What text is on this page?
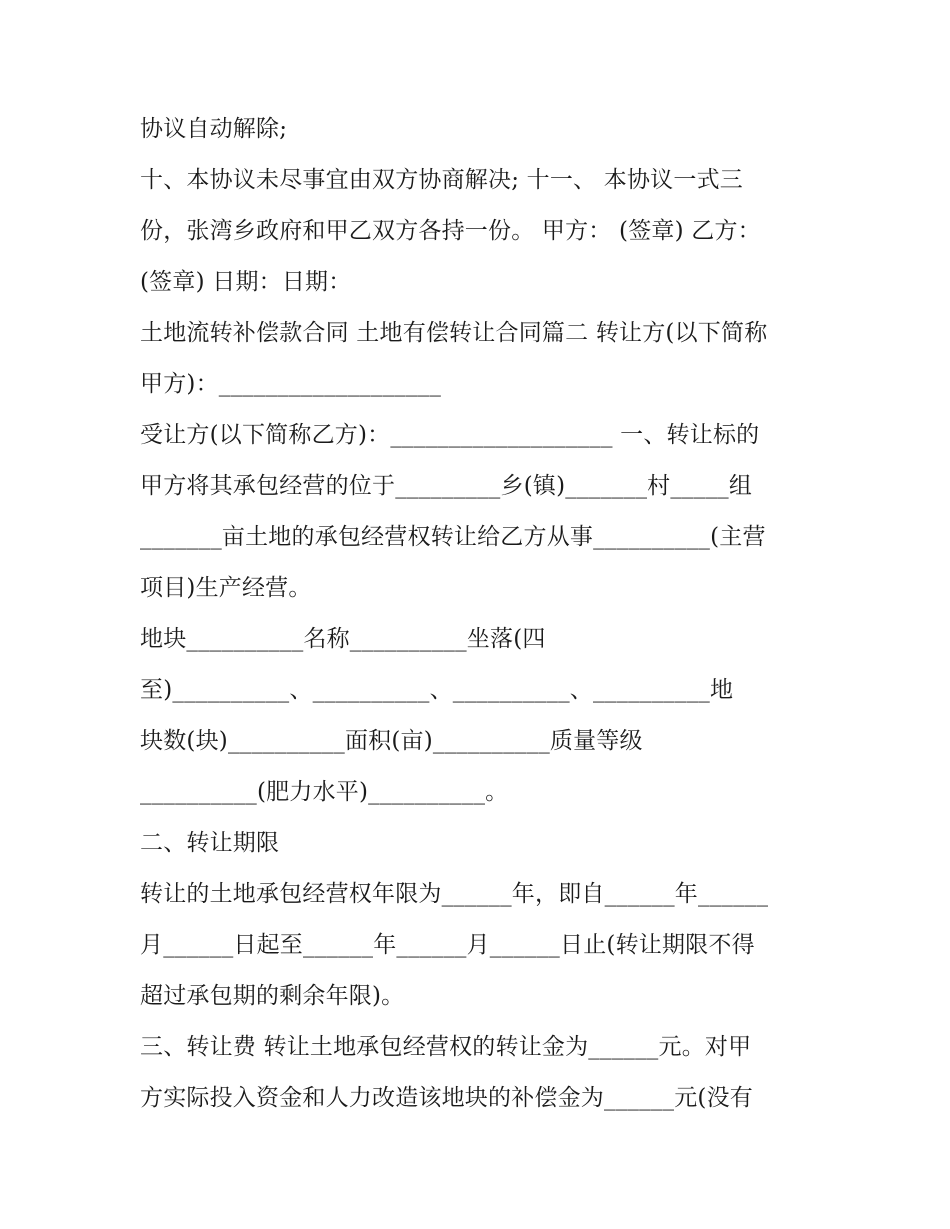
协议自动解除;
十、本协议未尽事宜由双方协商解决; 十一、 本协议一式三
份，张湾乡政府和甲乙双方各持一份。 甲方： (签章) 乙方：
(签章) 日期：日期：
土地流转补偿款合同 土地有偿转让合同篇二 转让方(以下简称
甲方)：___________________
受让方(以下简称乙方)：___________________ 一、转让标的
甲方将其承包经营的位于_________乡(镇)_______村_____组
_______亩土地的承包经营权转让给乙方从事__________(主营
项目)生产经营。
地块__________名称__________坐落(四
至)__________、__________、__________、__________地
块数(块)__________面积(亩)__________质量等级
__________(肥力水平)__________。
二、转让期限
转让的土地承包经营权年限为______年，即自______年______
月______日起至______年______月______日止(转让期限不得
超过承包期的剩余年限)。
三、转让费 转让土地承包经营权的转让金为______元。对甲
方实际投入资金和人力改造该地块的补偿金为______元(没有
